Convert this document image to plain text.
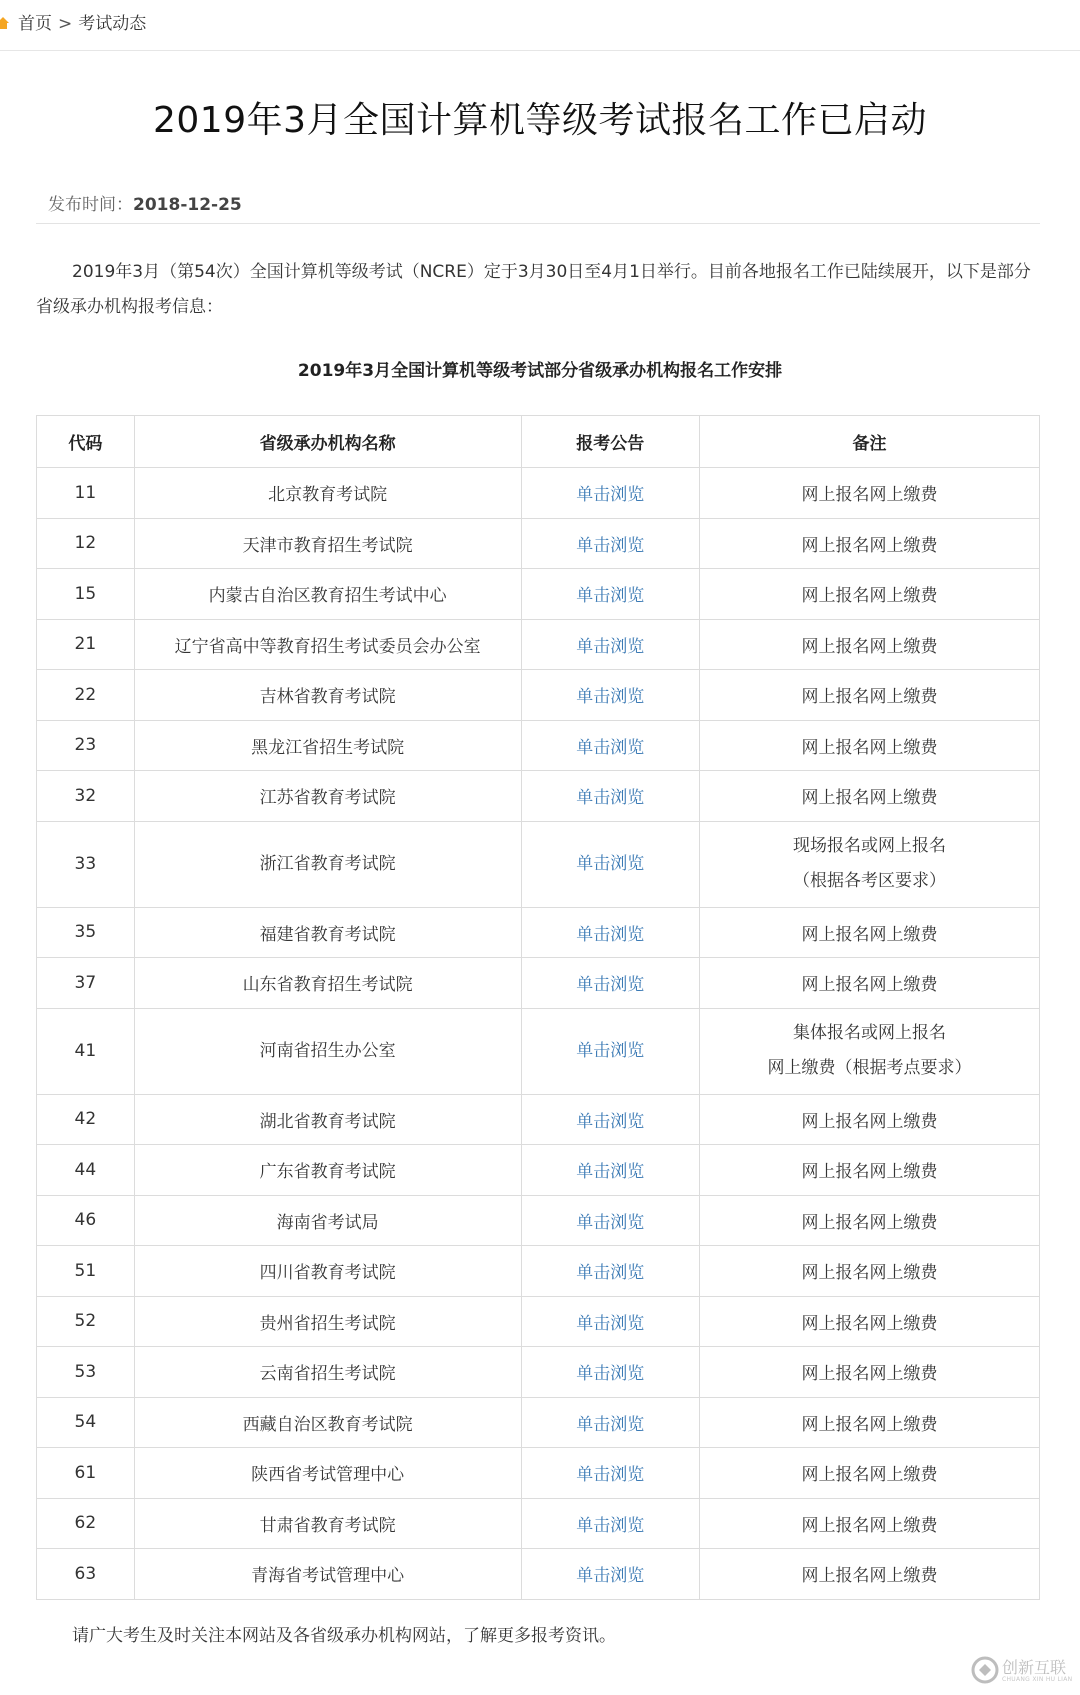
首页 > 考试动态
2019年3月全国计算机等级考试报名工作已启动
发布时间：2018-12-25

2019年3月（第54次）全国计算机等级考试（NCRE）定于3月30日至4月1日举行。目前各地报名工作已陆续展开，以下是部分省级承办机构报考信息：

2019年3月全国计算机等级考试部分省级承办机构报名工作安排
代码	省级承办机构名称	报考公告	备注
11	北京教育考试院	单击浏览	网上报名网上缴费

12	天津市教育招生考试院	单击浏览	网上报名网上缴费

15	内蒙古自治区教育招生考试中心	单击浏览	网上报名网上缴费

21	辽宁省高中等教育招生考试委员会办公室	单击浏览	网上报名网上缴费

22	吉林省教育考试院	单击浏览	网上报名网上缴费

23	黑龙江省招生考试院	单击浏览	网上报名网上缴费

32	江苏省教育考试院	单击浏览	网上报名网上缴费

33	浙江省教育考试院	单击浏览	现场报名或网上报名
（根据各考区要求）

35	福建省教育考试院	单击浏览	网上报名网上缴费

37	山东省教育招生考试院	单击浏览	网上报名网上缴费

41	河南省招生办公室	单击浏览	集体报名或网上报名
网上缴费（根据考点要求）

42	湖北省教育考试院	单击浏览	网上报名网上缴费

44	广东省教育考试院	单击浏览	网上报名网上缴费

46	海南省考试局	单击浏览	网上报名网上缴费

51	四川省教育考试院	单击浏览	网上报名网上缴费

52	贵州省招生考试院	单击浏览	网上报名网上缴费

53	云南省招生考试院	单击浏览	网上报名网上缴费

54	西藏自治区教育考试院	单击浏览	网上报名网上缴费

61	陕西省考试管理中心	单击浏览	网上报名网上缴费

62	甘肃省教育考试院	单击浏览	网上报名网上缴费

63	青海省考试管理中心	单击浏览	网上报名网上缴费
请广大考生及时关注本网站及各省级承办机构网站，了解更多报考资讯。
创新互联
CHUANG XIN HU LIAN
